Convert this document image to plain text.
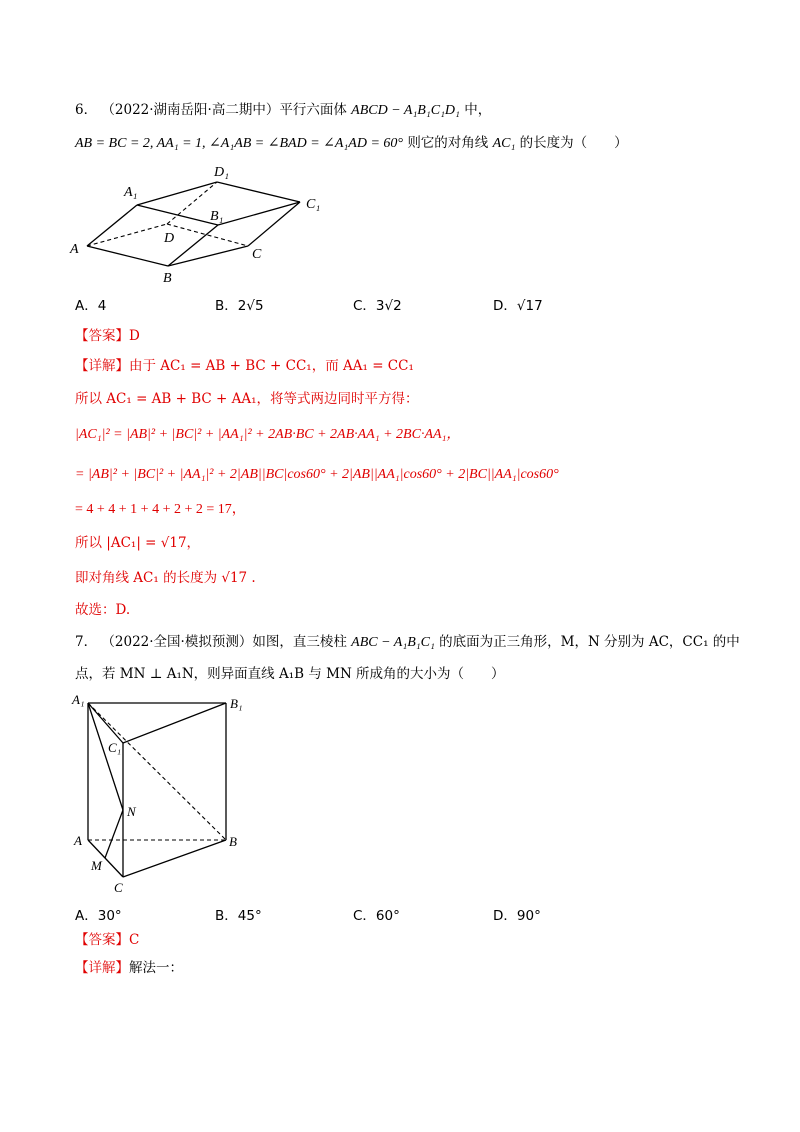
6． （2022·湖南岳阳·高二期中）平行六面体 ABCD − A₁B₁C₁D₁ 中，
AB = BC = 2, AA₁ = 1, ∠A₁AB = ∠BAD = ∠A₁AD = 60° 则它的对角线 AC₁ 的长度为（　　）
A
B
C
D
A₁
B₁
C₁
D₁
A．4	B．2√5	C．3√2	D．√17
【答案】D
【详解】由于 AC₁ = AB + BC + CC₁，而 AA₁ = CC₁
所以 AC₁ = AB + BC + AA₁，将等式两边同时平方得：
|AC₁|² = |AB|² + |BC|² + |AA₁|² + 2AB·BC + 2AB·AA₁ + 2BC·AA₁，
= |AB|² + |BC|² + |AA₁|² + 2|AB||BC|cos60° + 2|AB||AA₁|cos60° + 2|BC||AA₁|cos60°
= 4 + 4 + 1 + 4 + 2 + 2 = 17，
所以 |AC₁| = √17，
即对角线 AC₁ 的长度为 √17 .
故选：D.
7． （2022·全国·模拟预测）如图，直三棱柱 ABC − A₁B₁C₁ 的底面为正三角形，M，N 分别为 AC，CC₁ 的中
点，若 MN ⊥ A₁N，则异面直线 A₁B 与 MN 所成角的大小为（　　）
A₁	B₁
C₁
A	B
C
M
N
A．30°	B．45°	C．60°	D．90°
【答案】C
【详解】解法一：
